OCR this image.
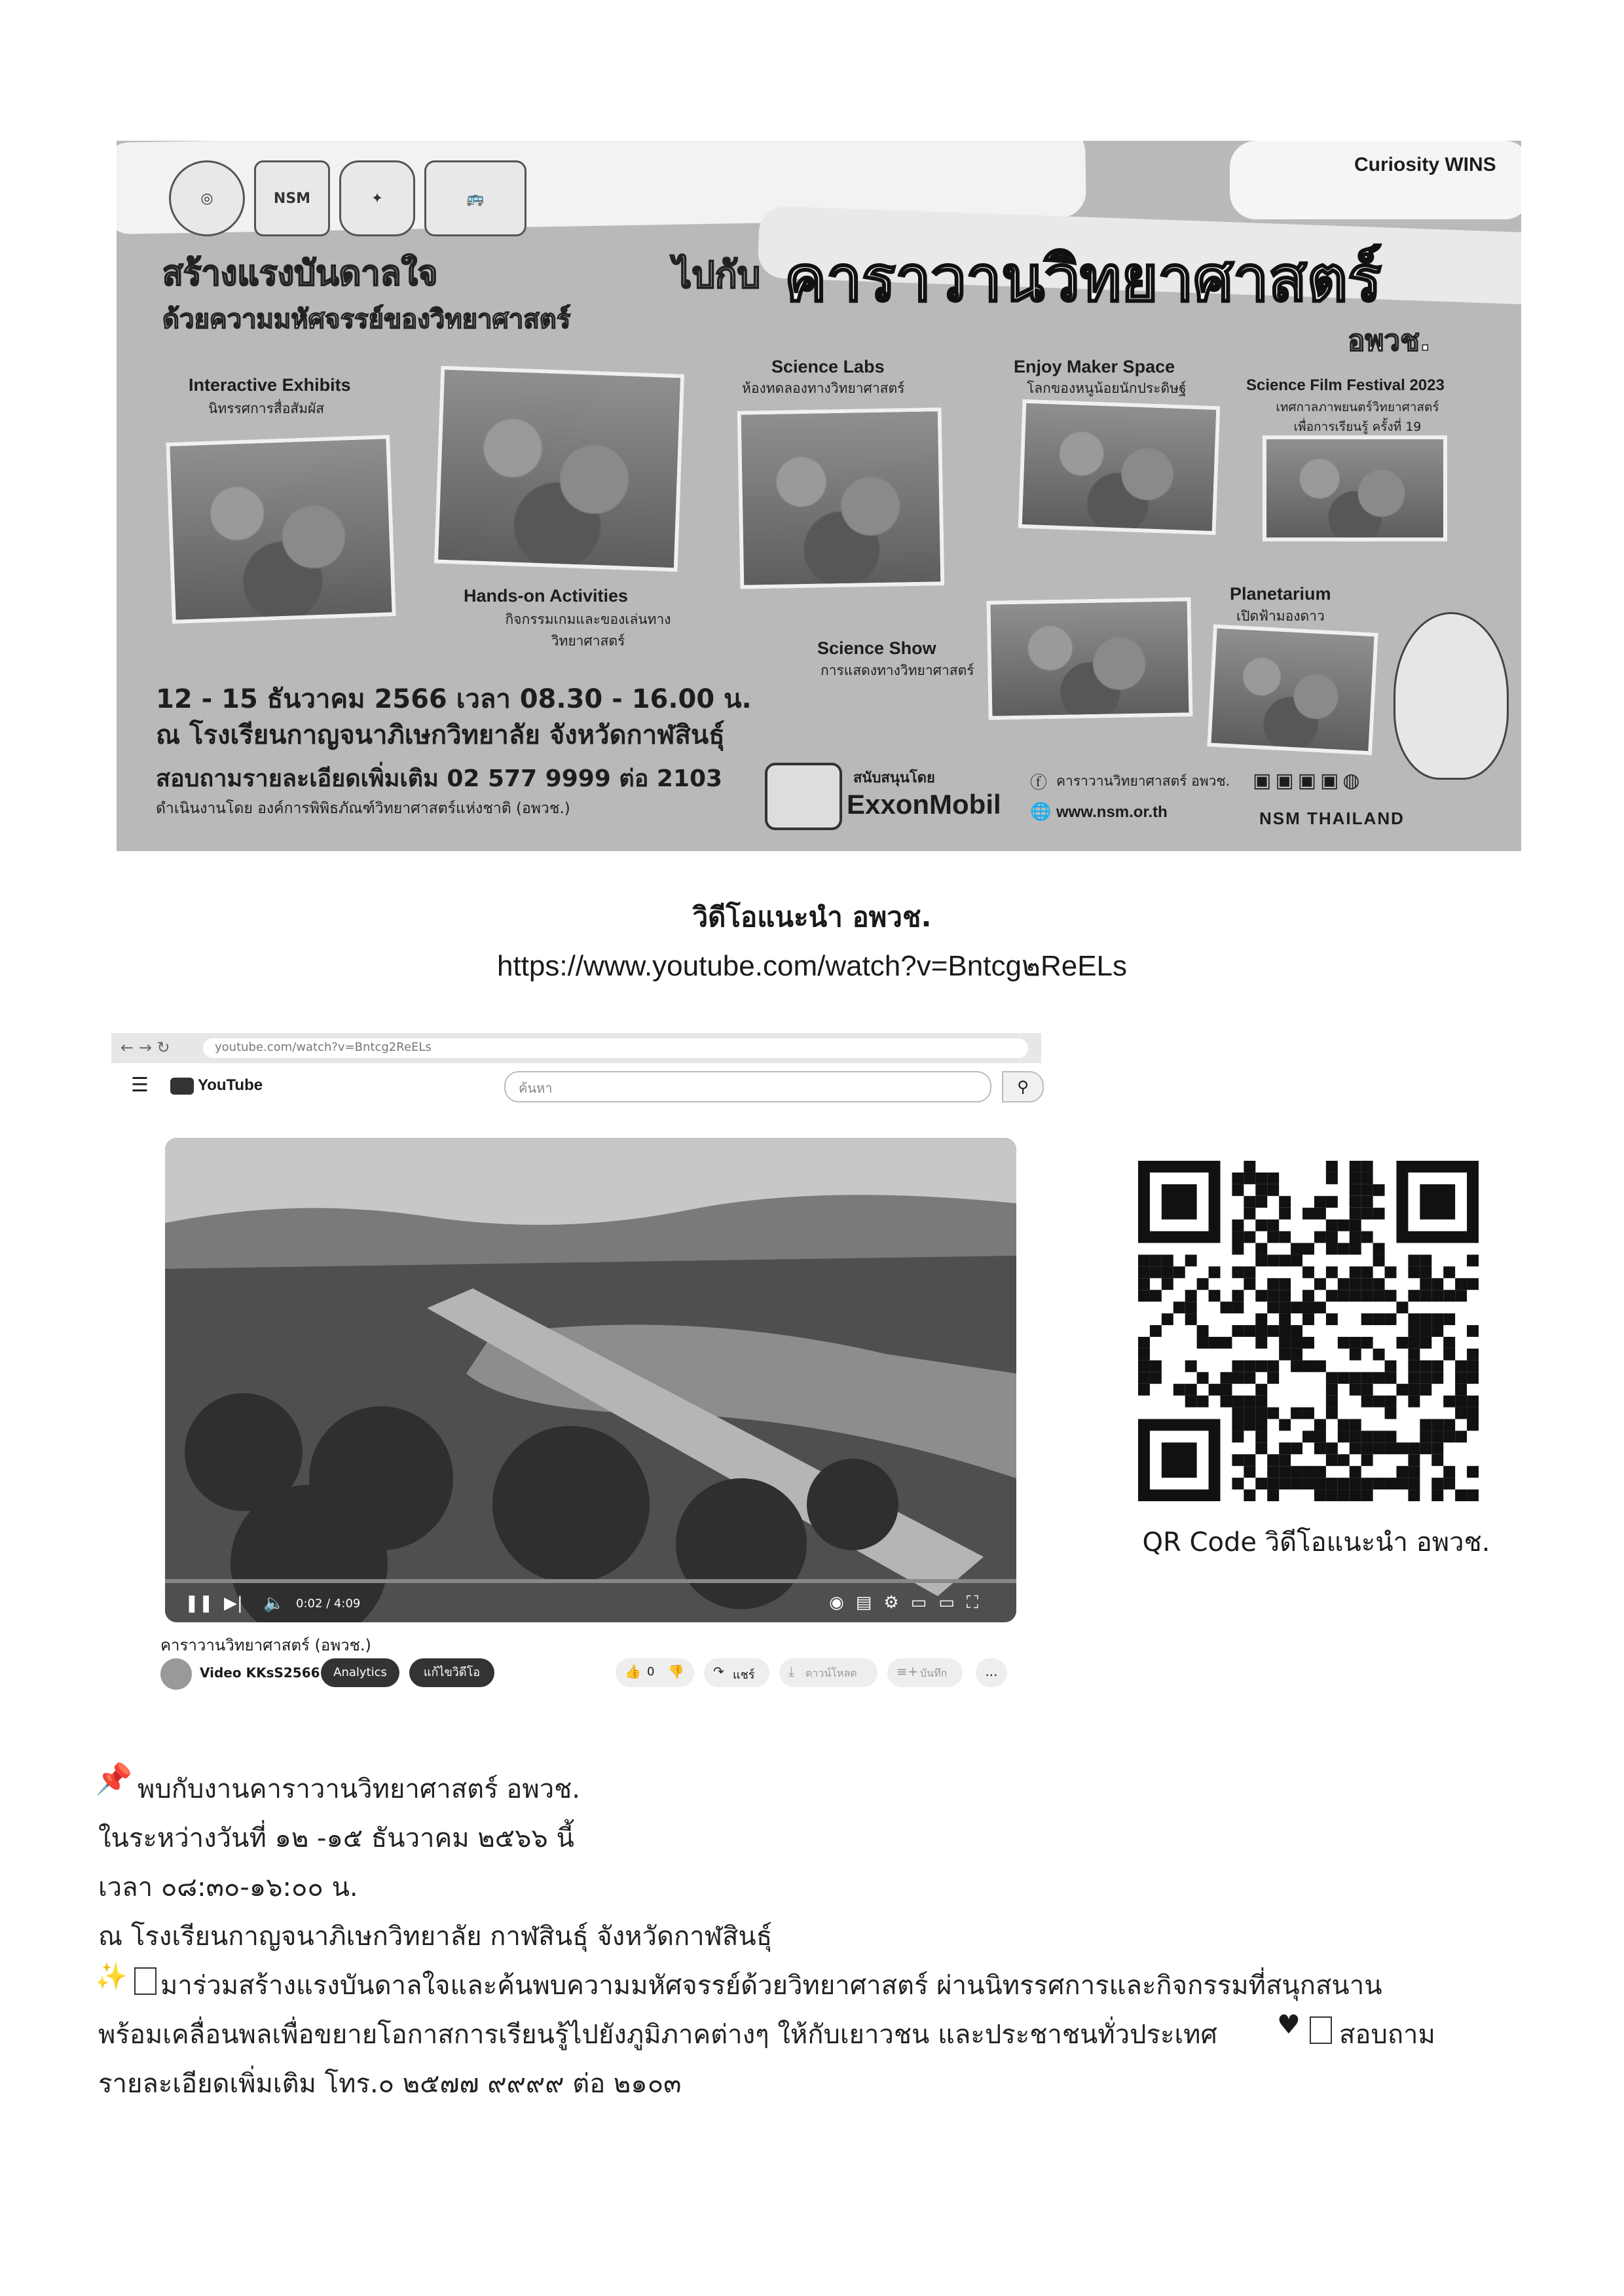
◎	NSM	✦	🚌
Curiosity WINS
สร้างแรงบันดาลใจ
ด้วยความมหัศจรรย์ของวิทยาศาสตร์
ไปกับ คาราวานวิทยาศาสตร์
อพวช.
Interactive Exhibits
นิทรรศการสื่อสัมผัส
Hands-on Activities
กิจกรรมเกมและของเล่นทางวิทยาศาสตร์
Science Labs
ห้องทดลองทางวิทยาศาสตร์
Enjoy Maker Space
โลกของหนูน้อยนักประดิษฐ์	Science Film Festival 2023
เทศกาลภาพยนตร์วิทยาศาสตร์เพื่อการเรียนรู้ ครั้งที่ 19
Science Show
การแสดงทางวิทยาศาสตร์
Planetarium
เปิดฟ้ามองดาว
12 - 15 ธันวาคม 2566 เวลา 08.30 - 16.00 น.
ณ โรงเรียนกาญจนาภิเษกวิทยาลัย จังหวัดกาฬสินธุ์
สอบถามรายละเอียดเพิ่มเติม 02 577 9999 ต่อ 2103
ดำเนินงานโดย องค์การพิพิธภัณฑ์วิทยาศาสตร์แห่งชาติ (อพวช.)
สนับสนุนโดย
ExxonMobil
ⓕ คาราวานวิทยาศาสตร์ อพวช.
🌐 www.nsm.or.th
▣▣▣▣◍
NSM THAILAND
วิดีโอแนะนำ อพวช.
https://www.youtube.com/watch?v=Bntcg๒ReELs
← → ↻	youtube.com/watch?v=Bntcg2ReELs
☰	YouTube	ค้นหา	⚲
❚❚ ▶| 🔈 0:02 / 4:09	◉▤⚙▭▭⛶
คาราวานวิทยาศาสตร์ (อพวช.)
Video KKsS2566	Analytics	แก้ไขวิดีโอ	👍 0 👎 ↷ แชร์	⤓ ดาวน์โหลด	≡+ บันทึก	...
QR Code วิดีโอแนะนำ อพวช.
📌 พบกับงานคาราวานวิทยาศาสตร์ อพวช.
ในระหว่างวันที่ ๑๒ -๑๕ ธันวาคม ๒๕๖๖ นี้
เวลา ๐๘:๓๐-๑๖:๐๐ น.
ณ โรงเรียนกาญจนาภิเษกวิทยาลัย กาฬสินธุ์ จังหวัดกาฬสินธุ์
✨ มาร่วมสร้างแรงบันดาลใจและค้นพบความมหัศจรรย์ด้วยวิทยาศาสตร์ ผ่านนิทรรศการและกิจกรรมที่สนุกสนาน
พร้อมเคลื่อนพลเพื่อขยายโอกาสการเรียนรู้ไปยังภูมิภาคต่างๆ ให้กับเยาวชน และประชาชนทั่วประเทศ ♥ สอบถาม
รายละเอียดเพิ่มเติม โทร.๐ ๒๕๗๗ ๙๙๙๙ ต่อ ๒๑๐๓
